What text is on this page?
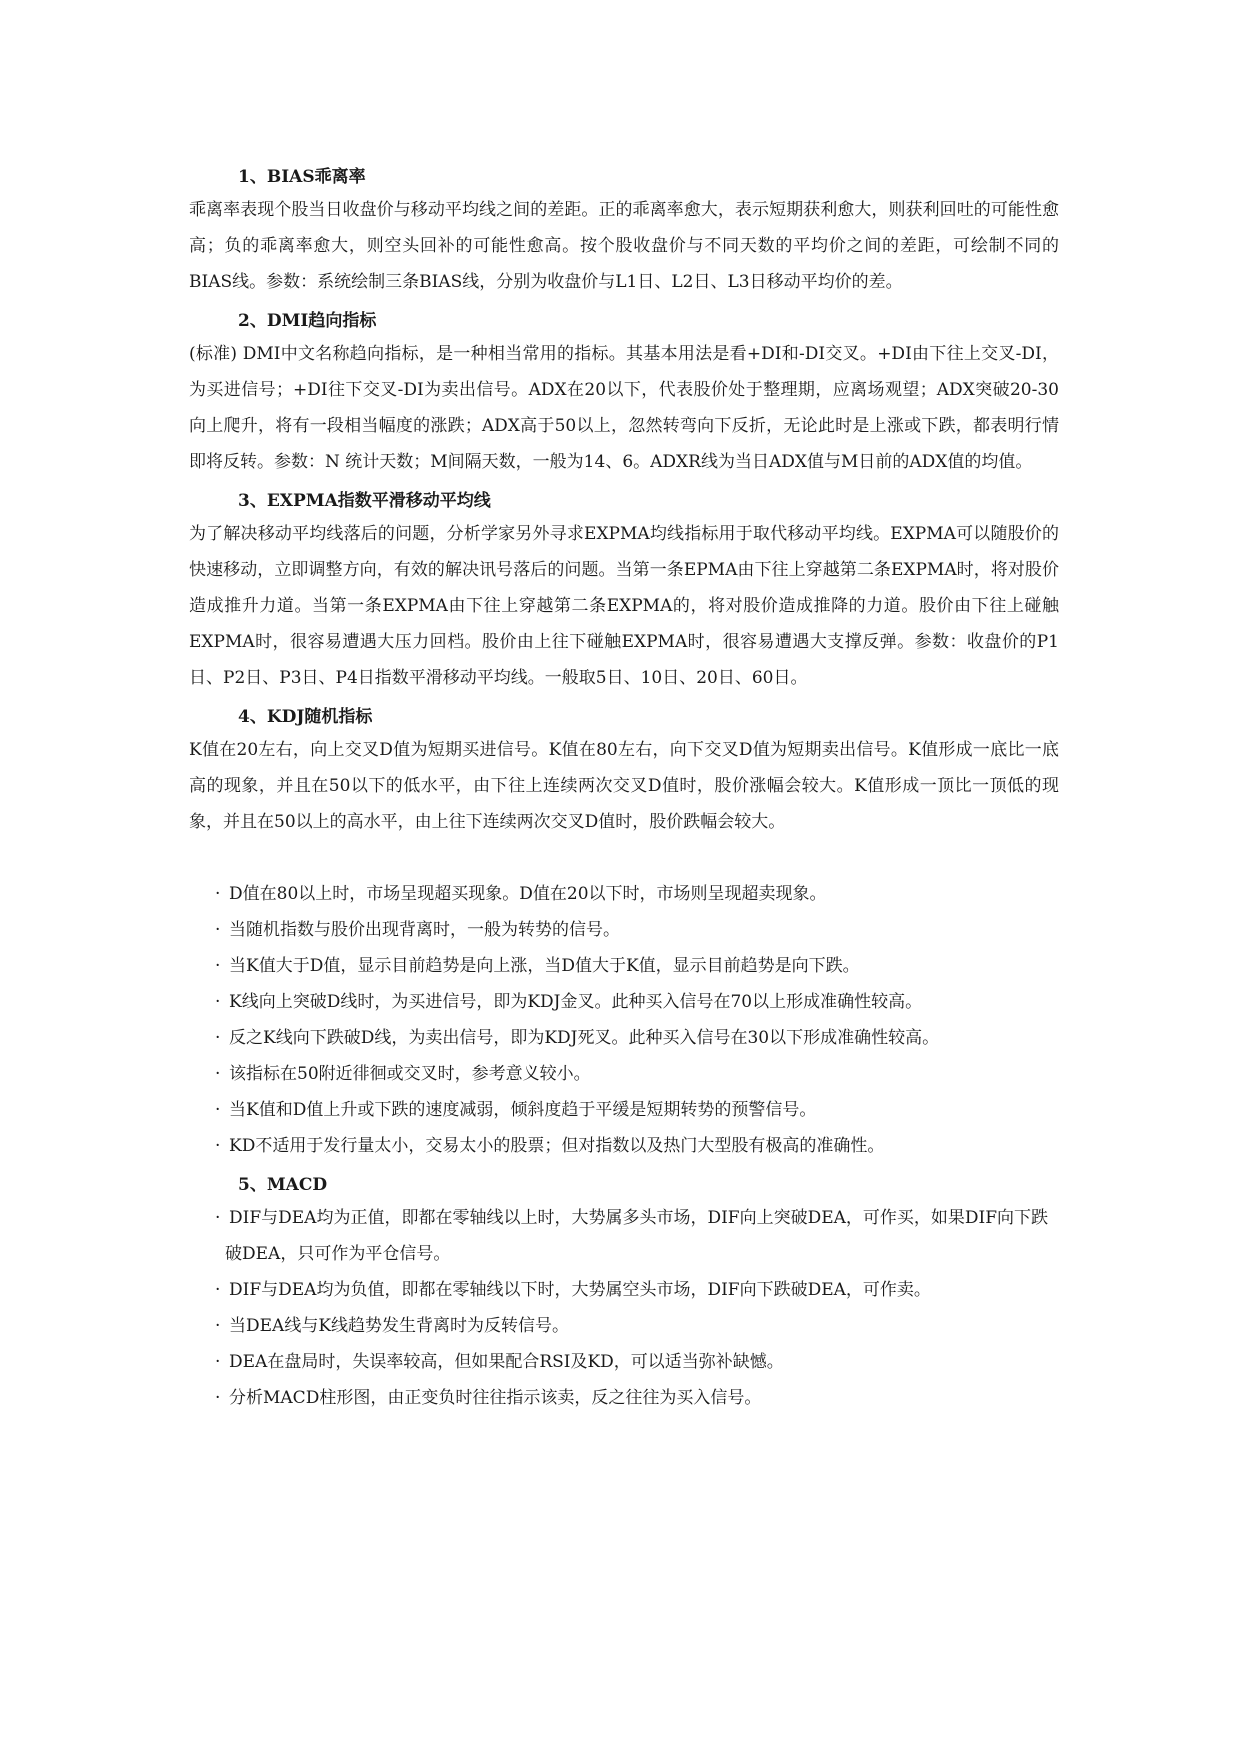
1、BIAS乖离率

乖离率表现个股当日收盘价与移动平均线之间的差距。正的乖离率愈大，表示短期获利愈大，则获利回吐的可能性愈高；负的乖离率愈大，则空头回补的可能性愈高。按个股收盘价与不同天数的平均价之间的差距，可绘制不同的BIAS线。参数：系统绘制三条BIAS线，分别为收盘价与L1日、L2日、L3日移动平均价的差。

2、DMI趋向指标

(标准) DMI中文名称趋向指标，是一种相当常用的指标。其基本用法是看+DI和-DI交叉。+DI由下往上交叉-DI，为买进信号；+DI往下交叉-DI为卖出信号。ADX在20以下，代表股价处于整理期，应离场观望；ADX突破20-30向上爬升，将有一段相当幅度的涨跌；ADX高于50以上，忽然转弯向下反折，无论此时是上涨或下跌，都表明行情即将反转。参数：N 统计天数；M间隔天数，一般为14、6。ADXR线为当日ADX值与M日前的ADX值的均值。

3、EXPMA指数平滑移动平均线

为了解决移动平均线落后的问题，分析学家另外寻求EXPMA均线指标用于取代移动平均线。EXPMA可以随股价的快速移动，立即调整方向，有效的解决讯号落后的问题。当第一条EPMA由下往上穿越第二条EXPMA时，将对股价造成推升力道。当第一条EXPMA由下往上穿越第二条EXPMA的，将对股价造成推降的力道。股价由下往上碰触EXPMA时，很容易遭遇大压力回档。股价由上往下碰触EXPMA时，很容易遭遇大支撑反弹。参数：收盘价的P1日、P2日、P3日、P4日指数平滑移动平均线。一般取5日、10日、20日、60日。

4、KDJ随机指标

K值在20左右，向上交叉D值为短期买进信号。K值在80左右，向下交叉D值为短期卖出信号。K值形成一底比一底高的现象，并且在50以下的低水平，由下往上连续两次交叉D值时，股价涨幅会较大。K值形成一顶比一顶低的现象，并且在50以上的高水平，由上往下连续两次交叉D值时，股价跌幅会较大。

· D值在80以上时，市场呈现超买现象。D值在20以下时，市场则呈现超卖现象。
· 当随机指数与股价出现背离时，一般为转势的信号。
· 当K值大于D值，显示目前趋势是向上涨，当D值大于K值，显示目前趋势是向下跌。
· K线向上突破D线时，为买进信号，即为KDJ金叉。此种买入信号在70以上形成准确性较高。
· 反之K线向下跌破D线，为卖出信号，即为KDJ死叉。此种买入信号在30以下形成准确性较高。
· 该指标在50附近徘徊或交叉时，参考意义较小。
· 当K值和D值上升或下跌的速度减弱，倾斜度趋于平缓是短期转势的预警信号。
· KD不适用于发行量太小，交易太小的股票；但对指数以及热门大型股有极高的准确性。
5、MACD
· DIF与DEA均为正值，即都在零轴线以上时，大势属多头市场，DIF向上突破DEA，可作买，如果DIF向下跌破DEA，只可作为平仓信号。
· DIF与DEA均为负值，即都在零轴线以下时，大势属空头市场，DIF向下跌破DEA，可作卖。
· 当DEA线与K线趋势发生背离时为反转信号。
· DEA在盘局时，失误率较高，但如果配合RSI及KD，可以适当弥补缺憾。
· 分析MACD柱形图，由正变负时往往指示该卖，反之往往为买入信号。
